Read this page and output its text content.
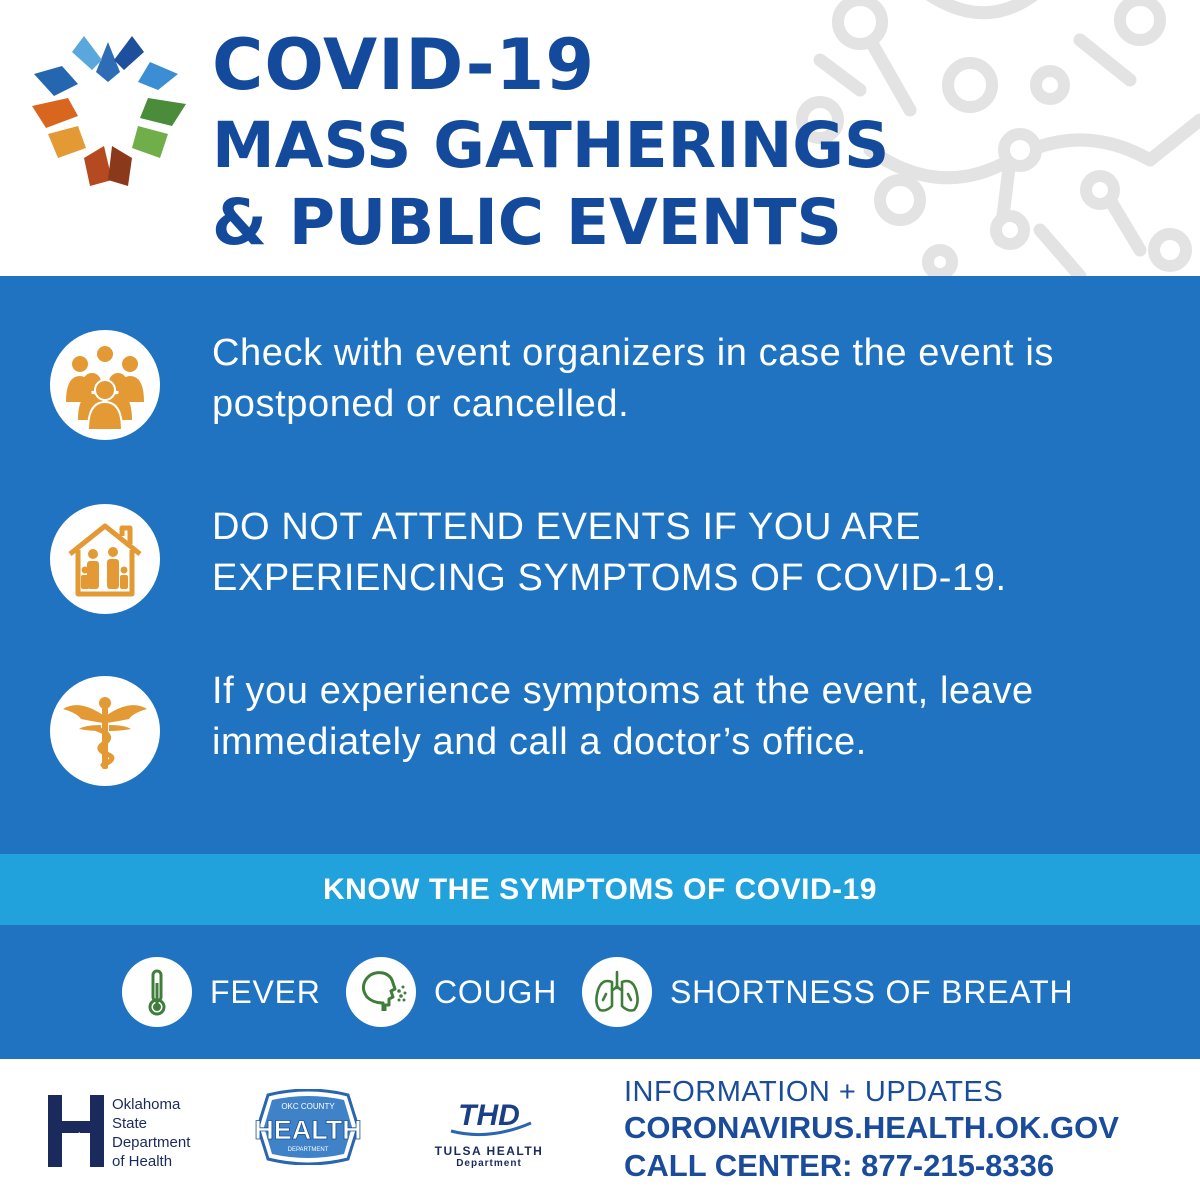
COVID-19
MASS GATHERINGS
& PUBLIC EVENTS
Check with event organizers in case the event is postponed or cancelled.
DO NOT ATTEND EVENTS IF YOU ARE EXPERIENCING SYMPTOMS OF COVID-19.
If you experience symptoms at the event, leave immediately and call a doctor’s office.
KNOW THE SYMPTOMS OF COVID-19
FEVER	COUGH	SHORTNESS OF BREATH
Oklahoma
State
Department
of Health
OKC COUNTY
HEALTH
DEPARTMENT
THD
TULSA HEALTH
Department
INFORMATION + UPDATES
CORONAVIRUS.HEALTH.OK.GOV
CALL CENTER: 877-215-8336
